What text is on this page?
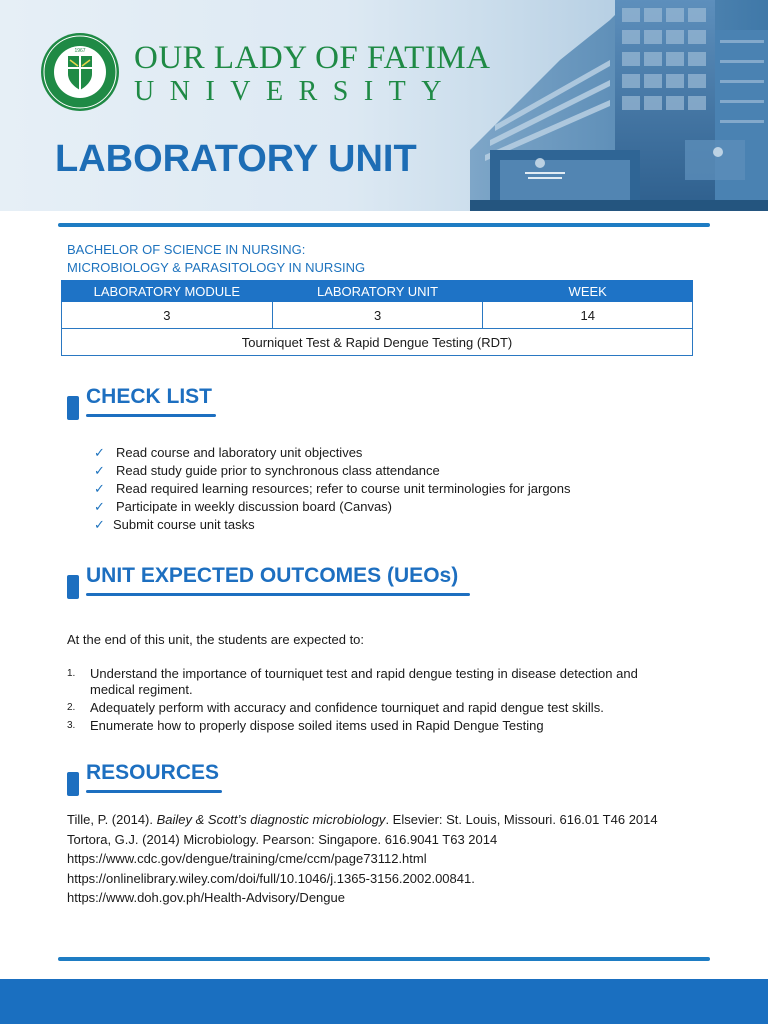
1967 OUR LADY OF FATIMA
UNIVERSITY
LABORATORY UNIT
BACHELOR OF SCIENCE IN NURSING:
MICROBIOLOGY & PARASITOLOGY IN NURSING
LABORATORY MODULE	LABORATORY UNIT	WEEK
3	3	14
Tourniquet Test & Rapid Dengue Testing (RDT)		
CHECK LIST
✓ Read course and laboratory unit objectives
✓ Read study guide prior to synchronous class attendance
✓ Read required learning resources; refer to course unit terminologies for jargons
✓ Participate in weekly discussion board (Canvas)
✓ Submit course unit tasks
UNIT EXPECTED OUTCOMES (UEOs)
At the end of this unit, the students are expected to:
1. Understand the importance of tourniquet test and rapid dengue testing in disease detection and medical regiment.
2. Adequately perform with accuracy and confidence tourniquet and rapid dengue test skills.
3. Enumerate how to properly dispose soiled items used in Rapid Dengue Testing
RESOURCES
Tille, P. (2014). Bailey & Scott’s diagnostic microbiology. Elsevier: St. Louis, Missouri. 616.01 T46 2014
Tortora, G.J. (2014) Microbiology. Pearson: Singapore. 616.9041 T63 2014
https://www.cdc.gov/dengue/training/cme/ccm/page73112.html
https://onlinelibrary.wiley.com/doi/full/10.1046/j.1365-3156.2002.00841.
https://www.doh.gov.ph/Health-Advisory/Dengue
